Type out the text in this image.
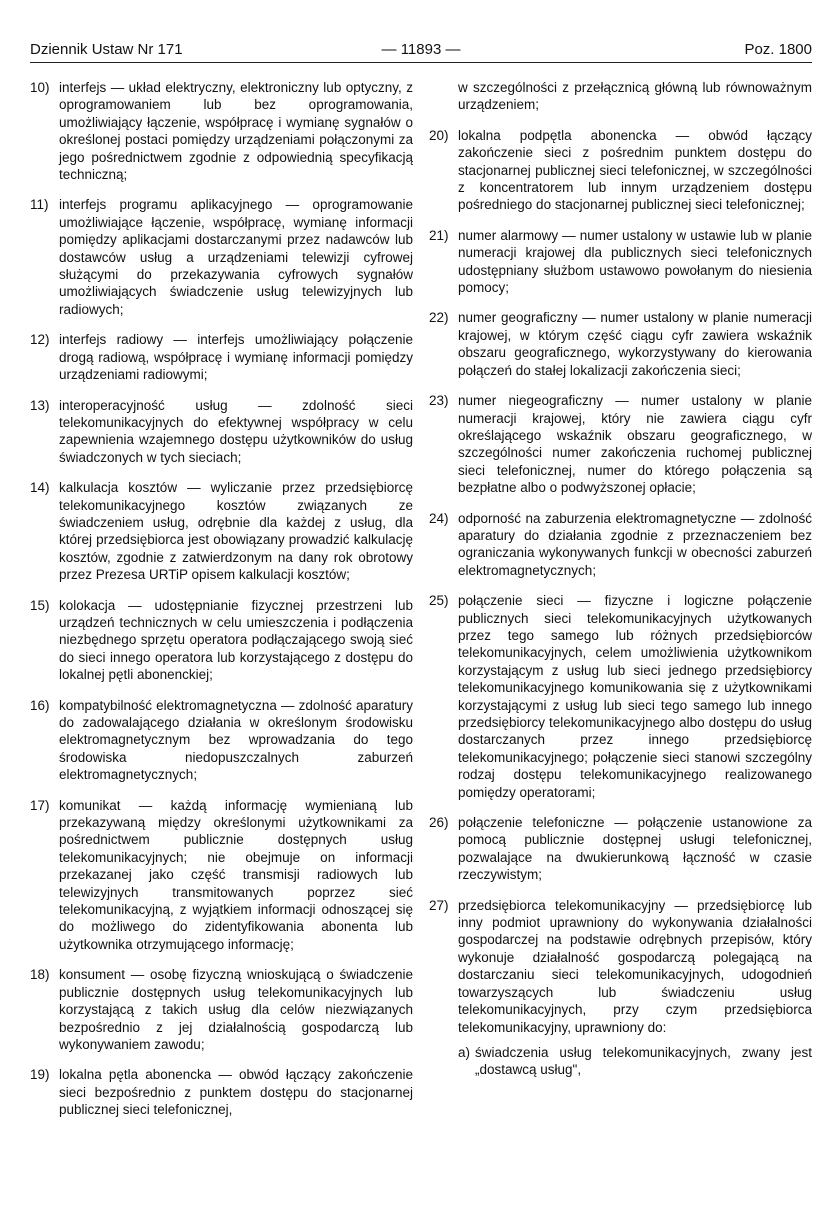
Dziennik Ustaw Nr 171	— 11893 —	Poz. 1800
10) interfejs — układ elektryczny, elektroniczny lub optyczny, z oprogramowaniem lub bez oprogramowania, umożliwiający łączenie, współpracę i wymianę sygnałów o określonej postaci pomiędzy urządzeniami połączonymi za jego pośrednictwem zgodnie z odpowiednią specyfikacją techniczną;
11) interfejs programu aplikacyjnego — oprogramowanie umożliwiające łączenie, współpracę, wymianę informacji pomiędzy aplikacjami dostarczanymi przez nadawców lub dostawców usług a urządzeniami telewizji cyfrowej służącymi do przekazywania cyfrowych sygnałów umożliwiających świadczenie usług telewizyjnych lub radiowych;
12) interfejs radiowy — interfejs umożliwiający połączenie drogą radiową, współpracę i wymianę informacji pomiędzy urządzeniami radiowymi;
13) interoperacyjność usług — zdolność sieci telekomunikacyjnych do efektywnej współpracy w celu zapewnienia wzajemnego dostępu użytkowników do usług świadczonych w tych sieciach;
14) kalkulacja kosztów — wyliczanie przez przedsiębiorcę telekomunikacyjnego kosztów związanych ze świadczeniem usług, odrębnie dla każdej z usług, dla której przedsiębiorca jest obowiązany prowadzić kalkulację kosztów, zgodnie z zatwierdzonym na dany rok obrotowy przez Prezesa URTiP opisem kalkulacji kosztów;
15) kolokacja — udostępnianie fizycznej przestrzeni lub urządzeń technicznych w celu umieszczenia i podłączenia niezbędnego sprzętu operatora podłączającego swoją sieć do sieci innego operatora lub korzystającego z dostępu do lokalnej pętli abonenckiej;
16) kompatybilność elektromagnetyczna — zdolność aparatury do zadowalającego działania w określonym środowisku elektromagnetycznym bez wprowadzania do tego środowiska niedopuszczalnych zaburzeń elektromagnetycznych;
17) komunikat — każdą informację wymienianą lub przekazywaną między określonymi użytkownikami za pośrednictwem publicznie dostępnych usług telekomunikacyjnych; nie obejmuje on informacji przekazanej jako część transmisji radiowych lub telewizyjnych transmitowanych poprzez sieć telekomunikacyjną, z wyjątkiem informacji odnoszącej się do możliwego do zidentyfikowania abonenta lub użytkownika otrzymującego informację;
18) konsument — osobę fizyczną wnioskującą o świadczenie publicznie dostępnych usług telekomunikacyjnych lub korzystającą z takich usług dla celów niezwiązanych bezpośrednio z jej działalnością gospodarczą lub wykonywaniem zawodu;
19) lokalna pętla abonencka — obwód łączący zakończenie sieci bezpośrednio z punktem dostępu do stacjonarnej publicznej sieci telefonicznej,
w szczególności z przełącznicą główną lub równoważnym urządzeniem;
20) lokalna podpętla abonencka — obwód łączący zakończenie sieci z pośrednim punktem dostępu do stacjonarnej publicznej sieci telefonicznej, w szczególności z koncentratorem lub innym urządzeniem dostępu pośredniego do stacjonarnej publicznej sieci telefonicznej;
21) numer alarmowy — numer ustalony w ustawie lub w planie numeracji krajowej dla publicznych sieci telefonicznych udostępniany służbom ustawowo powołanym do niesienia pomocy;
22) numer geograficzny — numer ustalony w planie numeracji krajowej, w którym część ciągu cyfr zawiera wskaźnik obszaru geograficznego, wykorzystywany do kierowania połączeń do stałej lokalizacji zakończenia sieci;
23) numer niegeograficzny — numer ustalony w planie numeracji krajowej, który nie zawiera ciągu cyfr określającego wskaźnik obszaru geograficznego, w szczególności numer zakończenia ruchomej publicznej sieci telefonicznej, numer do którego połączenia są bezpłatne albo o podwyższonej opłacie;
24) odporność na zaburzenia elektromagnetyczne — zdolność aparatury do działania zgodnie z przeznaczeniem bez ograniczania wykonywanych funkcji w obecności zaburzeń elektromagnetycznych;
25) połączenie sieci — fizyczne i logiczne połączenie publicznych sieci telekomunikacyjnych użytkowanych przez tego samego lub różnych przedsiębiorców telekomunikacyjnych, celem umożliwienia użytkownikom korzystającym z usług lub sieci jednego przedsiębiorcy telekomunikacyjnego komunikowania się z użytkownikami korzystającymi z usług lub sieci tego samego lub innego przedsiębiorcy telekomunikacyjnego albo dostępu do usług dostarczanych przez innego przedsiębiorcę telekomunikacyjnego; połączenie sieci stanowi szczególny rodzaj dostępu telekomunikacyjnego realizowanego pomiędzy operatorami;
26) połączenie telefoniczne — połączenie ustanowione za pomocą publicznie dostępnej usługi telefonicznej, pozwalające na dwukierunkową łączność w czasie rzeczywistym;
27) przedsiębiorca telekomunikacyjny — przedsiębiorcę lub inny podmiot uprawniony do wykonywania działalności gospodarczej na podstawie odrębnych przepisów, który wykonuje działalność gospodarczą polegającą na dostarczaniu sieci telekomunikacyjnych, udogodnień towarzyszących lub świadczeniu usług telekomunikacyjnych, przy czym przedsiębiorca telekomunikacyjny, uprawniony do:
a) świadczenia usług telekomunikacyjnych, zwany jest „dostawcą usług",
